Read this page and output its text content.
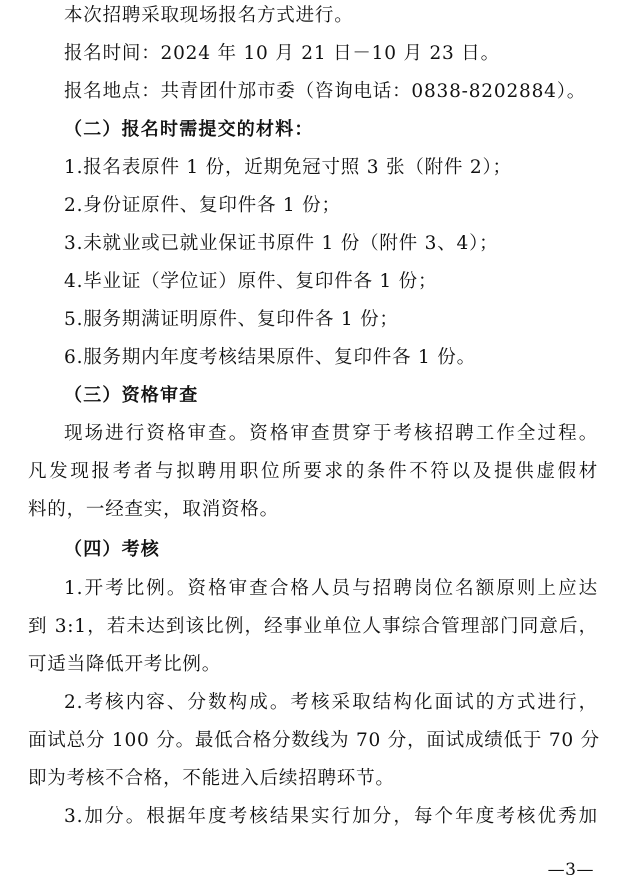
本次招聘采取现场报名方式进行。
报名时间：2024 年 10 月 21 日－10 月 23 日。
报名地点：共青团什邡市委（咨询电话：0838-8202884）。
（二）报名时需提交的材料：
1.报名表原件 1 份，近期免冠寸照 3 张（附件 2）；
2.身份证原件、复印件各 1 份；
3.未就业或已就业保证书原件 1 份（附件 3、4）；
4.毕业证（学位证）原件、复印件各 1 份；
5.服务期满证明原件、复印件各 1 份；
6.服务期内年度考核结果原件、复印件各 1 份。
（三）资格审查
现场进行资格审查。资格审查贯穿于考核招聘工作全过程。
凡发现报考者与拟聘用职位所要求的条件不符以及提供虚假材
料的，一经查实，取消资格。
（四）考核
1.开考比例。资格审查合格人员与招聘岗位名额原则上应达
到 3:1，若未达到该比例，经事业单位人事综合管理部门同意后，
可适当降低开考比例。
2.考核内容、分数构成。考核采取结构化面试的方式进行，
面试总分 100 分。最低合格分数线为 70 分，面试成绩低于 70 分
即为考核不合格，不能进入后续招聘环节。
3.加分。根据年度考核结果实行加分，每个年度考核优秀加
—3—
